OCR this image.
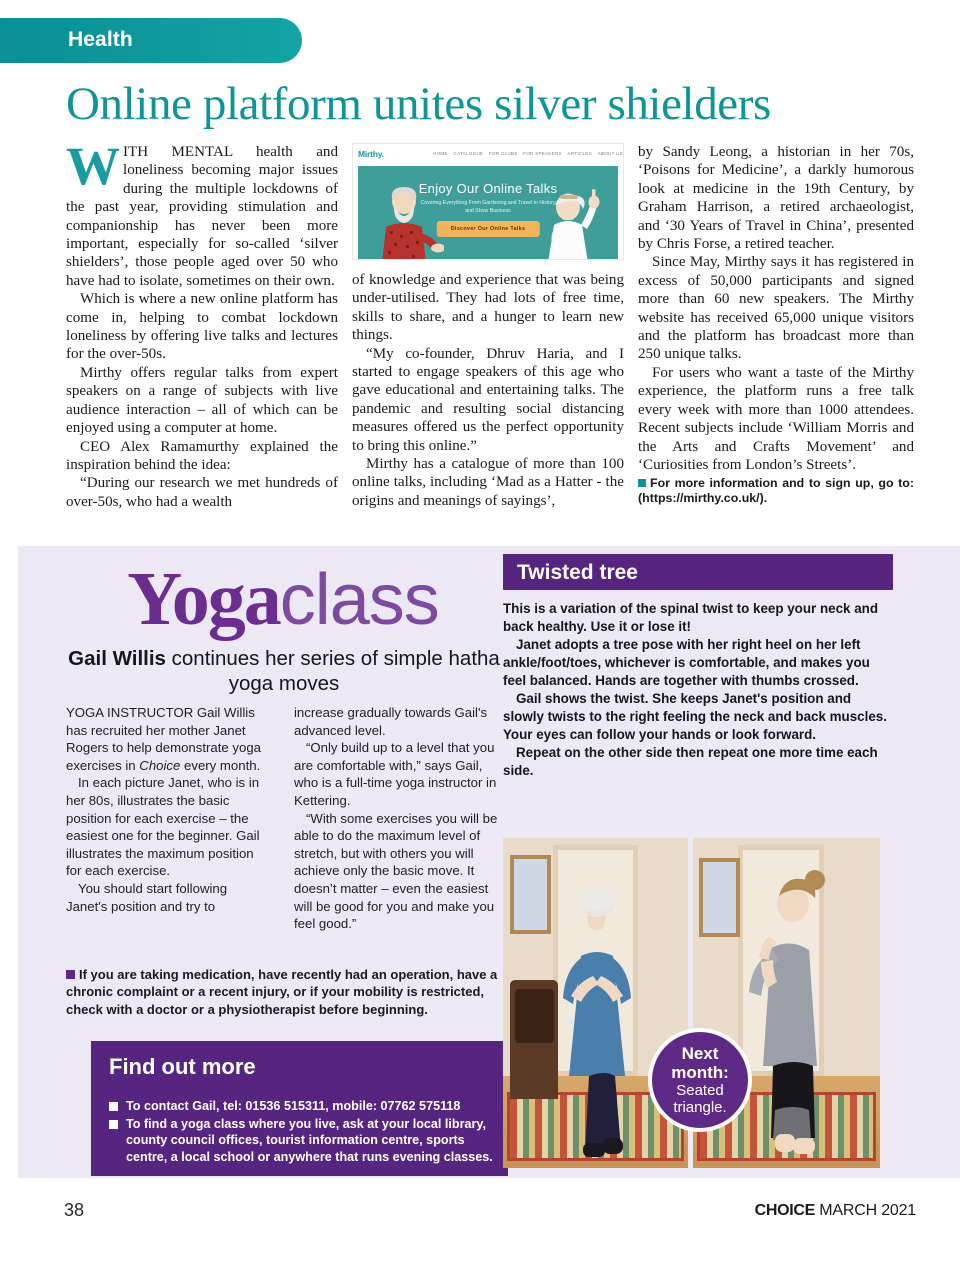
Health
Online platform unites silver shielders
Mirthy.	HOME CATALOGUE FOR CLUBS FOR SPEAKERS ARTICLES ABOUT US
Enjoy Our Online Talks
Covering Everything From Gardening and Travel to History and Show Business
Discover Our Online Talks

WITH MENTAL health and loneliness becoming major issues during the multiple lockdowns of the past year, providing stimulation and companionship has never been more important, especially for so-called ‘silver shielders’, those people aged over 50 who have had to isolate, sometimes on their own.

Which is where a new online platform has come in, helping to combat lockdown loneliness by offering live talks and lectures for the over-50s.

Mirthy offers regular talks from expert speakers on a range of subjects with live audience interaction – all of which can be enjoyed using a computer at home.

CEO Alex Ramamurthy explained the inspiration behind the idea:

“During our research we met hundreds of over-50s, who had a wealth

of knowledge and experience that was being under-utilised. They had lots of free time, skills to share, and a hunger to learn new things.

“My co-founder, Dhruv Haria, and I started to engage speakers of this age who gave educational and entertaining talks. The pandemic and resulting social distancing measures offered us the perfect opportunity to bring this online.”

Mirthy has a catalogue of more than 100 online talks, including ‘Mad as a Hatter - the origins and meanings of sayings’,

by Sandy Leong, a historian in her 70s, ‘Poisons for Medicine’, a darkly humorous look at medicine in the 19th Century, by Graham Harrison, a retired archaeologist, and ‘30 Years of Travel in China’, presented by Chris Forse, a retired teacher.

Since May, Mirthy says it has registered in excess of 50,000 participants and signed more than 60 new speakers. The Mirthy website has received 65,000 unique visitors and the platform has broadcast more than 250 unique talks.

For users who want a taste of the Mirthy experience, the platform runs a free talk every week with more than 1000 attendees. Recent subjects include ‘William Morris and the Arts and Crafts Movement’ and ‘Curiosities from London’s Streets’.

For more information and to sign up, go to: (https://mirthy.co.uk/).

Yogaclass
Gail Willis continues her series of simple hatha yoga moves

YOGA INSTRUCTOR Gail Willis has recruited her mother Janet Rogers to help demonstrate yoga exercises in Choice every month.

In each picture Janet, who is in her 80s, illustrates the basic position for each exercise – the easiest one for the beginner. Gail illustrates the maximum position for each exercise.

You should start following Janet's position and try to

increase gradually towards Gail's advanced level.

“Only build up to a level that you are comfortable with,” says Gail, who is a full-time yoga instructor in Kettering.

“With some exercises you will be able to do the maximum level of stretch, but with others you will achieve only the basic move. It doesn’t matter – even the easiest will be good for you and make you feel good.”

If you are taking medication, have recently had an operation, have a chronic complaint or a recent injury, or if your mobility is restricted, check with a doctor or a physiotherapist before beginning.
Find out more
To contact Gail, tel: 01536 515311, mobile: 07762 575118
To find a yoga class where you live, ask at your local library, county council offices, tourist information centre, sports centre, a local school or anywhere that runs evening classes.
Twisted tree

This is a variation of the spinal twist to keep your neck and back healthy. Use it or lose it!

Janet adopts a tree pose with her right heel on her left ankle/foot/toes, whichever is comfortable, and makes you feel balanced. Hands are together with thumbs crossed.

Gail shows the twist. She keeps Janet's position and slowly twists to the right feeling the neck and back muscles. Your eyes can follow your hands or look forward.

Repeat on the other side then repeat one more time each side.

Next
month:
Seated
triangle.
38	CHOICE MARCH 2021
